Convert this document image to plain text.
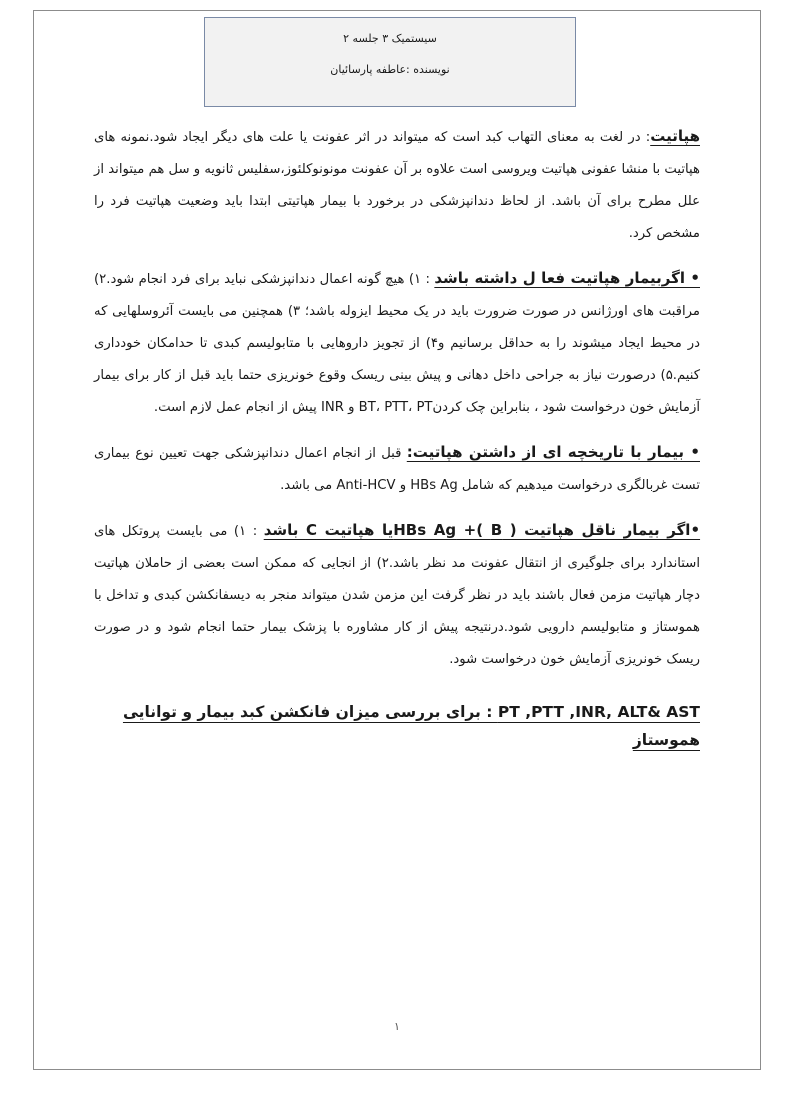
سیستمیک ۳ جلسه ۲
نویسنده :عاطفه پارسائیان

هپاتیت: در لغت به معنای التهاب کبد است که میتواند در اثر عفونت یا علت های دیگر ایجاد شود.نمونه های هپاتیت با منشا عفونی هپاتیت ویروسی است علاوه بر آن عفونت مونونوکلئوز،سفلیس ثانویه و سل هم میتواند از علل مطرح برای آن باشد. از لحاظ دندانپزشکی در برخورد با بیمار هپاتیتی ابتدا باید وضعیت هپاتیت فرد را مشخص کرد.

• اگربیمار هپاتیت فعا ل داشته باشد : ۱) هیچ گونه اعمال دندانپزشکی نباید برای فرد انجام شود.۲) مراقبت های اورژانس در صورت ضرورت باید در یک محیط ایزوله باشد؛ ۳) همچنین می بایست آئروسلهایی که در محیط ایجاد میشوند را به حداقل برسانیم و۴) از تجویز داروهایی با متابولیسم کبدی تا حدامکان خودداری کنیم.۵) درصورت نیاز به جراحی داخل دهانی و پیش بینی ریسک وقوع خونریزی حتما باید قبل از کار برای بیمار آزمایش خون درخواست شود ، بنابراین چک کردنBT، PTT، PT و INR پیش از انجام عمل لازم است.

• بیمار با تاریخچه ای از داشتن هپاتیت: قبل از انجام اعمال دندانپزشکی جهت تعیین نوع بیماری تست غربالگری درخواست میدهیم که شامل HBs Ag و Anti-HCV می باشد.

•اگر بیمار ناقل هپاتیت ( B )+ HBs Agیا هپاتیت C باشد : ۱) می بایست پروتکل های استاندارد برای جلوگیری از انتقال عفونت مد نظر باشد.۲) از انجایی که ممکن است بعضی از حاملان هپاتیت دچار هپاتیت مزمن فعال باشند باید در نظر گرفت این مزمن شدن میتواند منجر به دیسفانکشن کبدی و تداخل با هموستاز و متابولیسم دارویی شود.درنتیجه پیش از کار مشاوره با پزشک بیمار حتما انجام شود و در صورت ریسک خونریزی آزمایش خون درخواست شود.

PT ,PTT ,INR, ALT& AST : برای بررسی میزان فانکشن کبد بیمار و توانایی هموستاز

۱
